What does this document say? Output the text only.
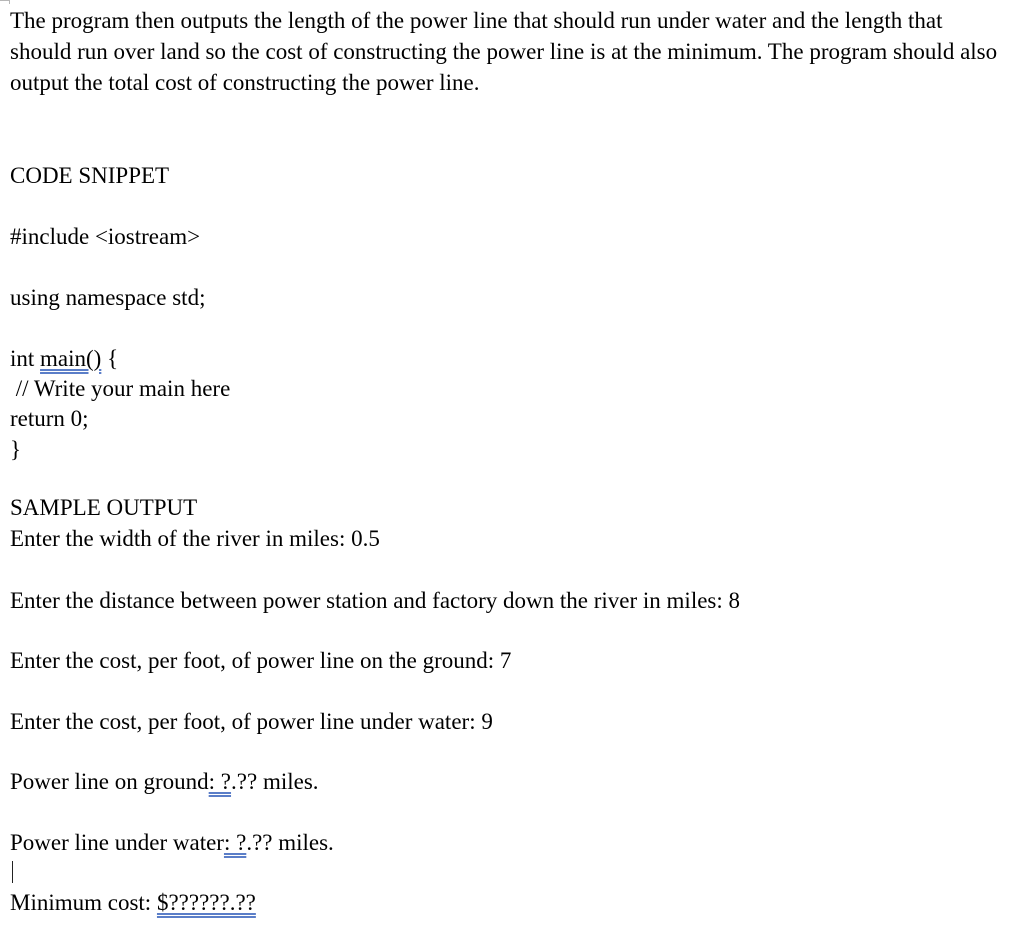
The program then outputs the length of the power line that should run under water and the length that should run over land so the cost of constructing the power line is at the minimum. The program should also output the total cost of constructing the power line.

CODE SNIPPET
#include <iostream>
using namespace std;
int main() {
// Write your main here
return 0;
}
SAMPLE OUTPUT
Enter the width of the river in miles: 0.5
Enter the distance between power station and factory down the river in miles: 8
Enter the cost, per foot, of power line on the ground: 7
Enter the cost, per foot, of power line under water: 9
Power line on ground: ?.?? miles.
Power line under water: ?.?? miles.
Minimum cost: $??????.??
